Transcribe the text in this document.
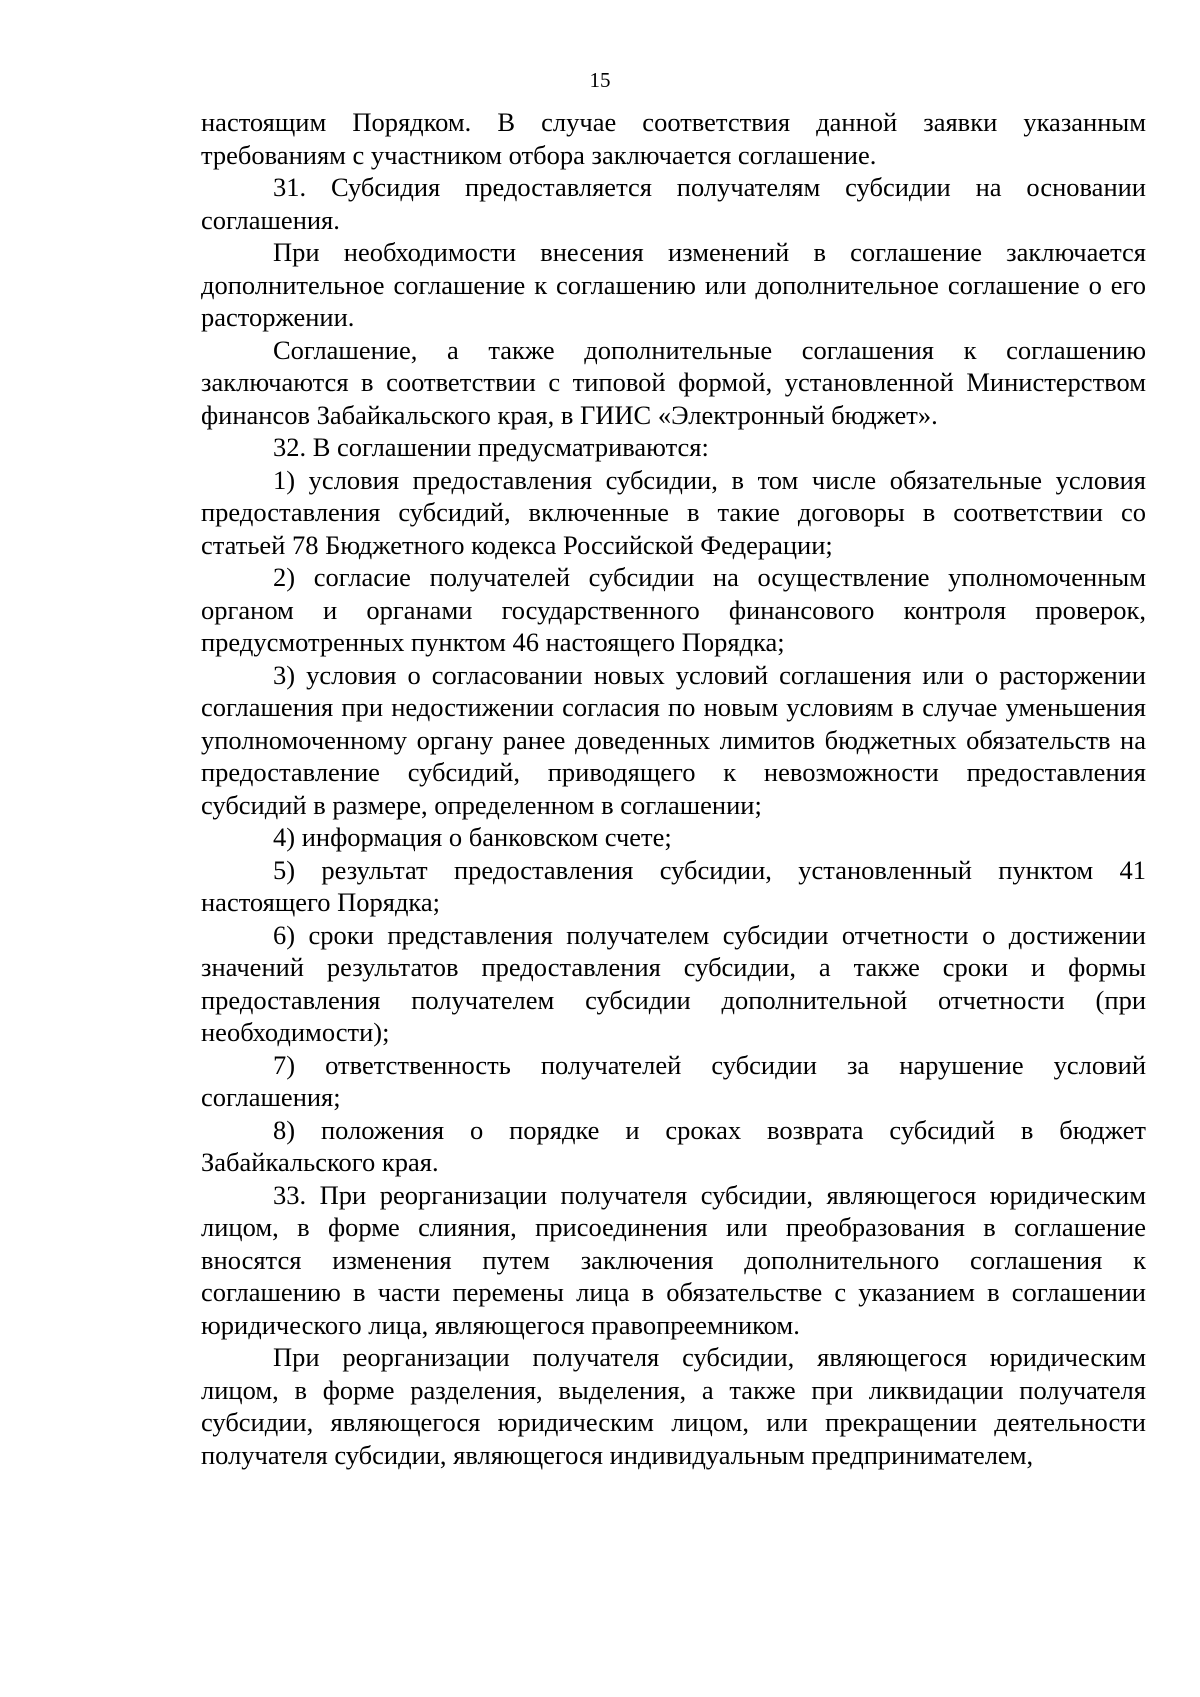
15

настоящим Порядком. В случае соответствия данной заявки указанным требованиям с участником отбора заключается соглашение.

31. Субсидия предоставляется получателям субсидии на основании соглашения.

При необходимости внесения изменений в соглашение заключается дополнительное соглашение к соглашению или дополнительное соглашение о его расторжении.

Соглашение, а также дополнительные соглашения к соглашению заключаются в соответствии с типовой формой, установленной Министерством финансов Забайкальского края, в ГИИС «Электронный бюджет».

32. В соглашении предусматриваются:

1) условия предоставления субсидии, в том числе обязательные условия предоставления субсидий, включенные в такие договоры в соответствии со статьей 78 Бюджетного кодекса Российской Федерации;

2) согласие получателей субсидии на осуществление уполномоченным органом и органами государственного финансового контроля проверок, предусмотренных пунктом 46 настоящего Порядка;

3) условия о согласовании новых условий соглашения или о расторжении соглашения при недостижении согласия по новым условиям в случае уменьшения уполномоченному органу ранее доведенных лимитов бюджетных обязательств на предоставление субсидий, приводящего к невозможности предоставления субсидий в размере, определенном в соглашении;

4) информация о банковском счете;

5) результат предоставления субсидии, установленный пунктом 41 настоящего Порядка;

6) сроки представления получателем субсидии отчетности о достижении значений результатов предоставления субсидии, а также сроки и формы предоставления получателем субсидии дополнительной отчетности (при необходимости);

7) ответственность получателей субсидии за нарушение условий соглашения;

8) положения о порядке и сроках возврата субсидий в бюджет Забайкальского края.

33. При реорганизации получателя субсидии, являющегося юридическим лицом, в форме слияния, присоединения или преобразования в соглашение вносятся изменения путем заключения дополнительного соглашения к соглашению в части перемены лица в обязательстве с указанием в соглашении юридического лица, являющегося правопреемником.

При реорганизации получателя субсидии, являющегося юридическим лицом, в форме разделения, выделения, а также при ликвидации получателя субсидии, являющегося юридическим лицом, или прекращении деятельности получателя субсидии, являющегося индивидуальным предпринимателем,
